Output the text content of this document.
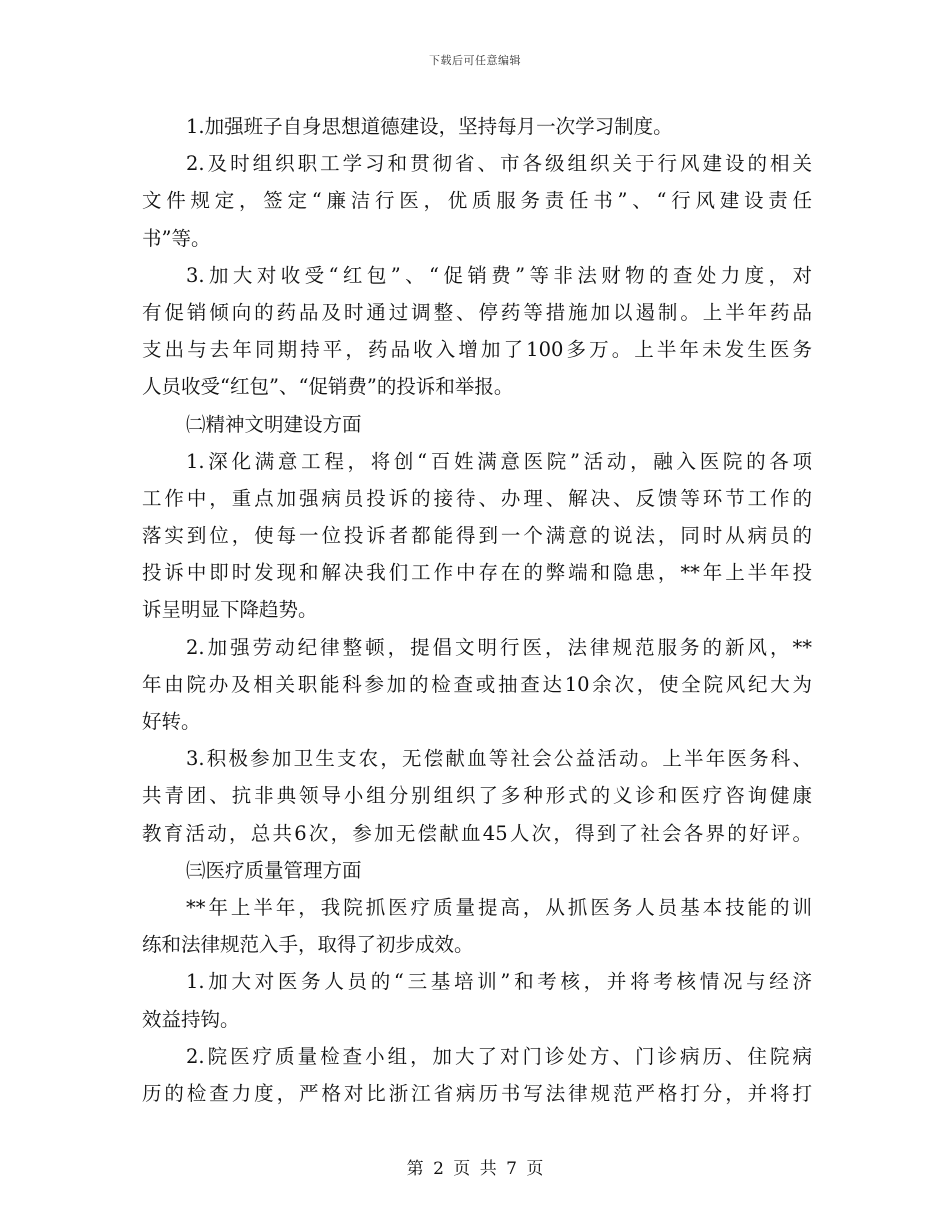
下载后可任意编辑
1.加强班子自身思想道德建设，坚持每月一次学习制度。
2.及时组织职工学习和贯彻省、市各级组织关于行风建设的相关
文件规定，签定“廉洁行医，优质服务责任书”、“行风建设责任
书”等。
3.加大对收受“红包”、“促销费”等非法财物的查处力度，对
有促销倾向的药品及时通过调整、停药等措施加以遏制。上半年药品
支出与去年同期持平，药品收入增加了100多万。上半年未发生医务
人员收受“红包”、“促销费”的投诉和举报。
㈡精神文明建设方面
1.深化满意工程，将创“百姓满意医院”活动，融入医院的各项
工作中，重点加强病员投诉的接待、办理、解决、反馈等环节工作的
落实到位，使每一位投诉者都能得到一个满意的说法，同时从病员的
投诉中即时发现和解决我们工作中存在的弊端和隐患，**年上半年投
诉呈明显下降趋势。
2.加强劳动纪律整顿，提倡文明行医，法律规范服务的新风，**
年由院办及相关职能科参加的检查或抽查达10余次，使全院风纪大为
好转。
3.积极参加卫生支农，无偿献血等社会公益活动。上半年医务科、
共青团、抗非典领导小组分别组织了多种形式的义诊和医疗咨询健康
教育活动，总共6次，参加无偿献血45人次，得到了社会各界的好评。
㈢医疗质量管理方面
**年上半年，我院抓医疗质量提高，从抓医务人员基本技能的训
练和法律规范入手，取得了初步成效。
1.加大对医务人员的“三基培训”和考核，并将考核情况与经济
效益持钩。
2.院医疗质量检查小组，加大了对门诊处方、门诊病历、住院病
历的检查力度，严格对比浙江省病历书写法律规范严格打分，并将打
第 2 页 共 7 页
